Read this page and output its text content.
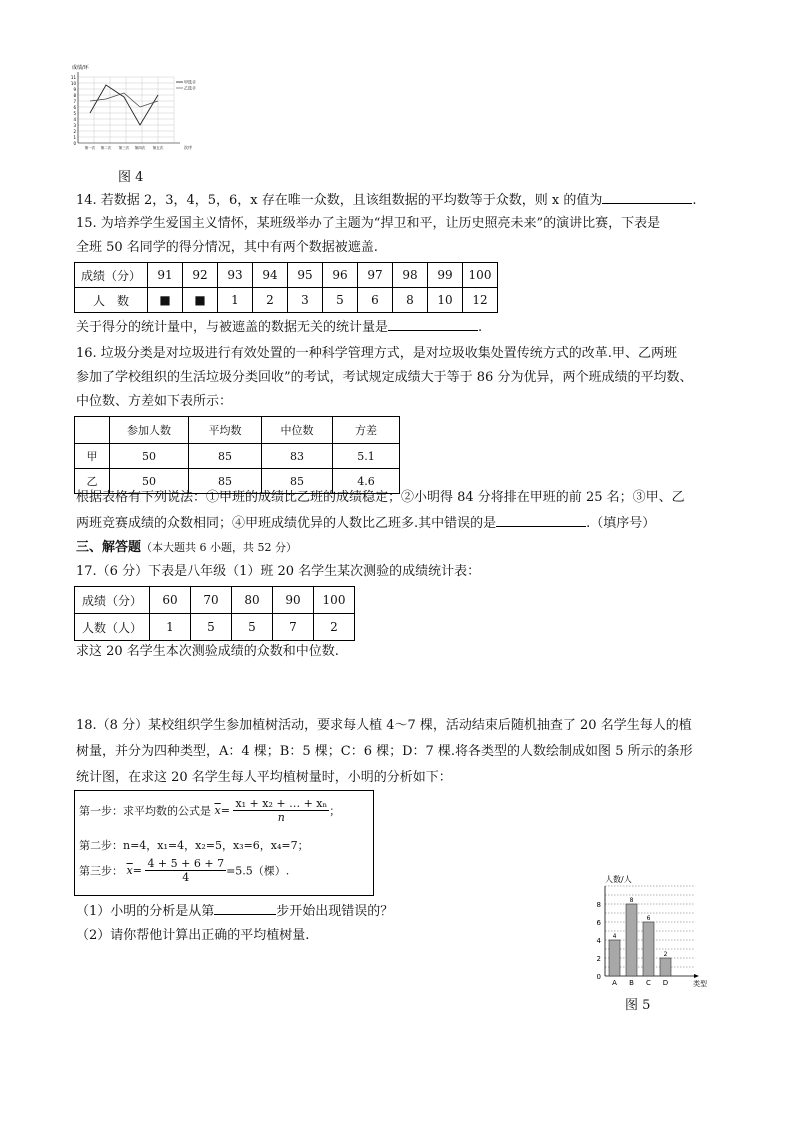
成绩/环
0
1
2
3
4
5
6
7
8
9
10
11
甲选手
乙选手
第一次 第二次 第三次 第四次 第五次	次序
图 4
14. 若数据 2，3，4，5，6，x 存在唯一众数，且该组数据的平均数等于众数，则 x 的值为	.
15. 为培养学生爱国主义情怀，某班级举办了主题为“捍卫和平，让历史照亮未来”的演讲比赛，下表是
全班 50 名同学的得分情况，其中有两个数据被遮盖.
成绩（分）	91	92	93	94	95	96	97	98	99	100
人　数	■	■	1	2	3	5	6	8	10	12
关于得分的统计量中，与被遮盖的数据无关的统计量是	.
16. 垃圾分类是对垃圾进行有效处置的一种科学管理方式，是对垃圾收集处置传统方式的改革.甲、乙两班
参加了学校组织的生活垃圾分类回收”的考试，考试规定成绩大于等于 86 分为优异，两个班成绩的平均数、
中位数、方差如下表所示：
	参加人数	平均数	中位数	方差
甲	50	85	83	5.1
乙	50	85	85	4.6
根据表格有下列说法：①甲班的成绩比乙班的成绩稳定；②小明得 84 分将排在甲班的前 25 名；③甲、乙
两班竞赛成绩的众数相同；④甲班成绩优异的人数比乙班多.其中错误的是	.（填序号）
三、解答题（本大题共 6 小题，共 52 分）
17.（6 分）下表是八年级（1）班 20 名学生某次测验的成绩统计表：
成绩（分）	60	70	80	90	100
人数（人）	1	5	5	7	2
求这 20 名学生本次测验成绩的众数和中位数.
18.（8 分）某校组织学生参加植树活动，要求每人植 4～7 棵，活动结束后随机抽查了 20 名学生每人的植
树量，并分为四种类型，A：4 棵；B：5 棵；C：6 棵；D：7 棵.将各类型的人数绘制成如图 5 所示的条形
统计图，在求这 20 名学生每人平均植树量时，小明的分析如下：
第一步：求平均数的公式是 $\overline{x}= \frac{\text{x₁ + x₂ + … + xₙ}}{n}$ ；
第二步：n=4，x₁=4，x₂=5，x₃=6，x₄=7；
第三步： $\overline{x}= \frac{4 + 5 + 6 + 7}{4} =5.5$（棵）.
（1）小明的分析是从第	步开始出现错误的？
（2）请你帮他计算出正确的平均植树量.
人数/人
0
2
4
6
8
4
A
8
B
6
C
2
D	类型
图 5
